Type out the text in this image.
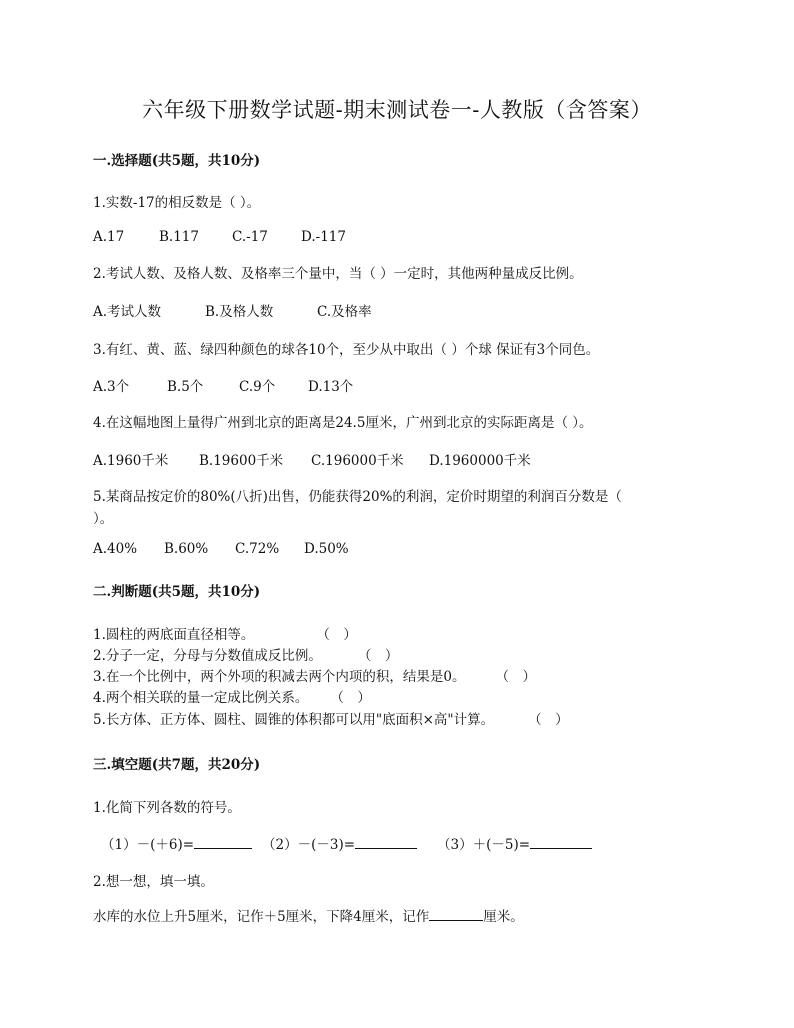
六年级下册数学试题-期末测试卷一-人教版（含答案）
一.选择题(共5题，共10分)
1.实数-17的相反数是（ ）。
A.17	B.117 C.-17 D.-117
2.考试人数、及格人数、及格率三个量中，当（ ）一定时，其他两种量成反比例。
A.考试人数	B.及格人数	C.及格率
3.有红、黄、蓝、绿四种颜色的球各10个，至少从中取出（ ）个球 保证有3个同色。
A.3个	B.5个	C.9个 D.13个
4.在这幅地图上量得广州到北京的距离是24.5厘米，广州到北京的实际距离是（ ）。
A.1960千米 B.19600千米 C.196000千米 D.1960000千米
5.某商品按定价的80%(八折)出售，仍能获得20%的利润，定价时期望的利润百分数是（
）。
A.40% B.60% C.72% D.50%
二.判断题(共5题，共10分)
1.圆柱的两底面直径相等。	（　）
2.分子一定，分母与分数值成反比例。	（　）
3.在一个比例中，两个外项的积减去两个内项的积，结果是0。 （　）
4.两个相关联的量一定成比例关系。 （　）
5.长方体、正方体、圆柱、圆锥的体积都可以用"底面积×高"计算。	（　）
三.填空题(共7题，共20分)
1.化简下列各数的符号。
（1）－(＋6)=	（2）－(－3)=	（3）＋(－5)=
2.想一想，填一填。
水库的水位上升5厘米，记作＋5厘米，下降4厘米，记作	厘米。
